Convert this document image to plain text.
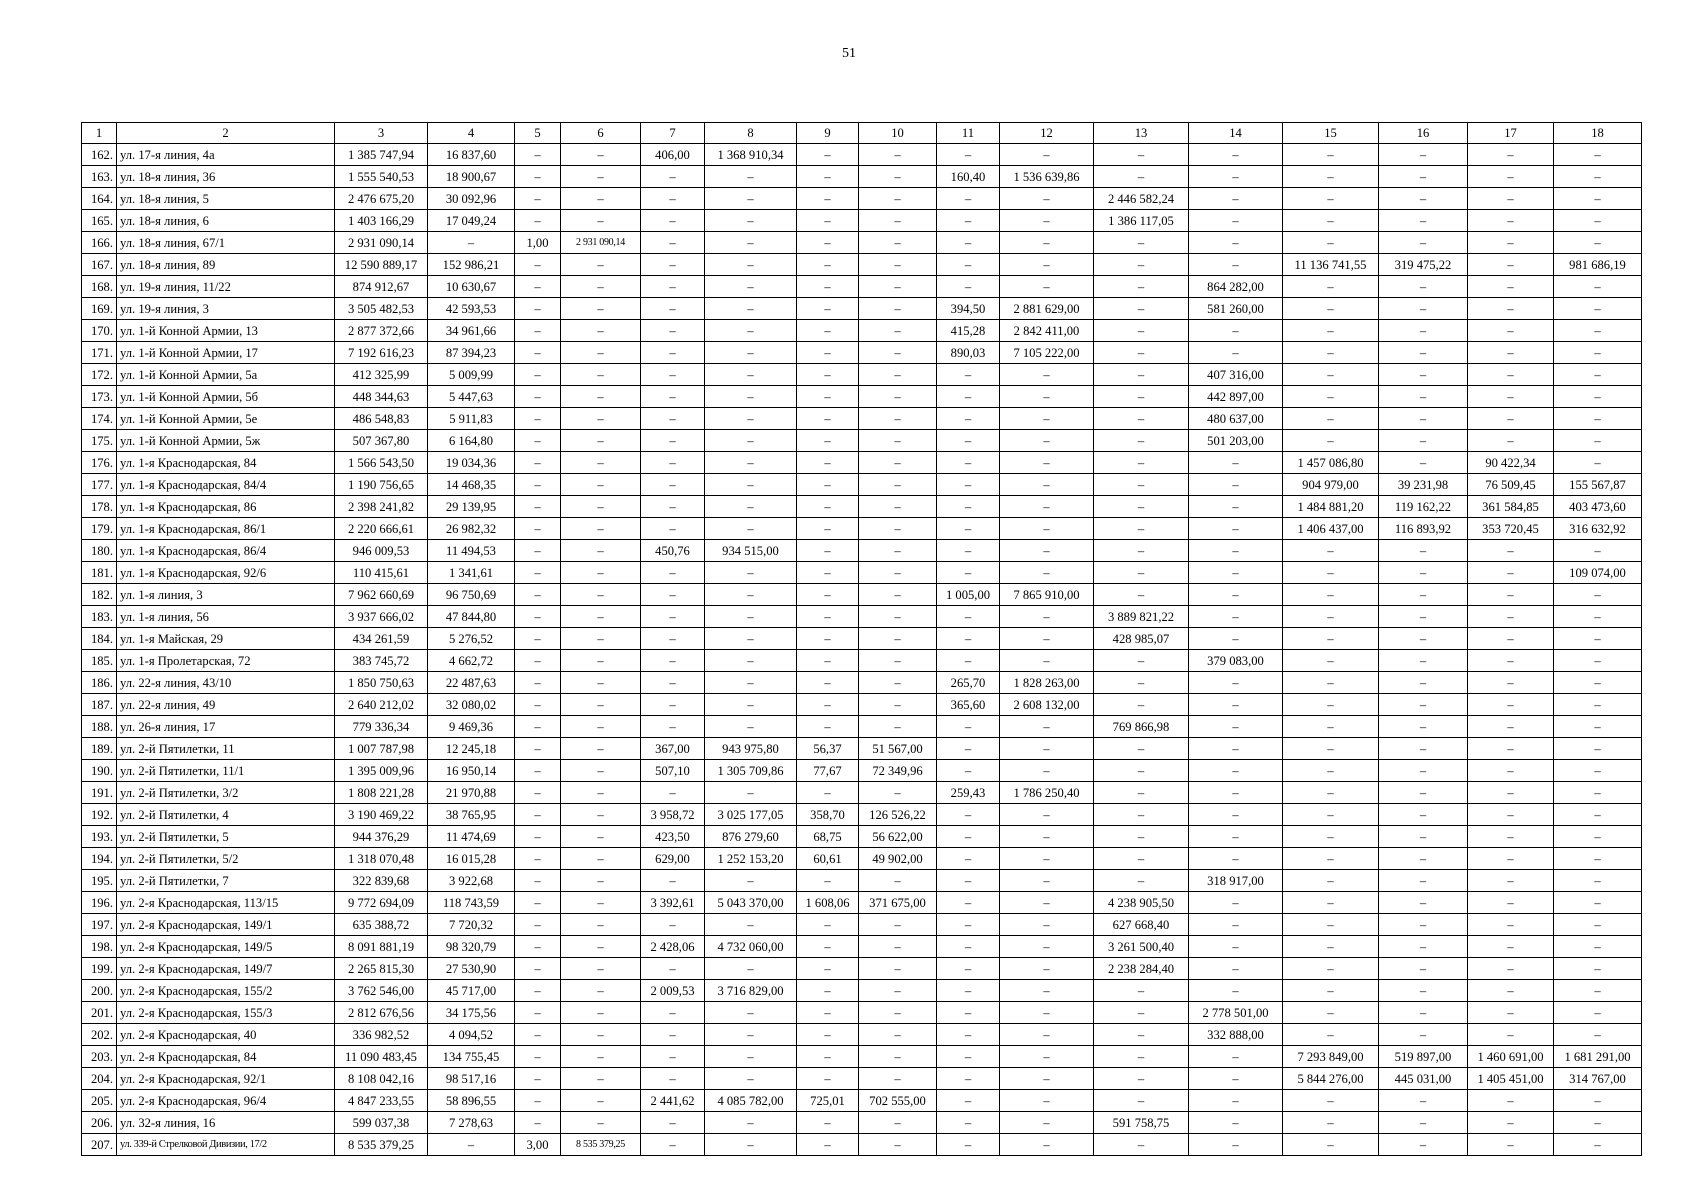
51
1	2	3	4	5	6	7	8	9	10	11	12	13	14	15	16	17	18
162.	ул. 17-я линия, 4а	1 385 747,94	16 837,60	–	–	406,00	1 368 910,34	–	–	–	–	–	–	–	–	–	–
163.	ул. 18-я линия, 36	1 555 540,53	18 900,67	–	–	–	–	–	–	160,40	1 536 639,86	–	–	–	–	–	–
164.	ул. 18-я линия, 5	2 476 675,20	30 092,96	–	–	–	–	–	–	–	–	2 446 582,24	–	–	–	–	–
165.	ул. 18-я линия, 6	1 403 166,29	17 049,24	–	–	–	–	–	–	–	–	1 386 117,05	–	–	–	–	–
166.	ул. 18-я линия, 67/1	2 931 090,14	–	1,00	2 931 090,14	–	–	–	–	–	–	–	–	–	–	–	–
167.	ул. 18-я линия, 89	12 590 889,17	152 986,21	–	–	–	–	–	–	–	–	–	–	11 136 741,55	319 475,22	–	981 686,19
168.	ул. 19-я линия, 11/22	874 912,67	10 630,67	–	–	–	–	–	–	–	–	–	864 282,00	–	–	–	–
169.	ул. 19-я линия, 3	3 505 482,53	42 593,53	–	–	–	–	–	–	394,50	2 881 629,00	–	581 260,00	–	–	–	–
170.	ул. 1-й Конной Армии, 13	2 877 372,66	34 961,66	–	–	–	–	–	–	415,28	2 842 411,00	–	–	–	–	–	–
171.	ул. 1-й Конной Армии, 17	7 192 616,23	87 394,23	–	–	–	–	–	–	890,03	7 105 222,00	–	–	–	–	–	–
172.	ул. 1-й Конной Армии, 5а	412 325,99	5 009,99	–	–	–	–	–	–	–	–	–	407 316,00	–	–	–	–
173.	ул. 1-й Конной Армии, 5б	448 344,63	5 447,63	–	–	–	–	–	–	–	–	–	442 897,00	–	–	–	–
174.	ул. 1-й Конной Армии, 5е	486 548,83	5 911,83	–	–	–	–	–	–	–	–	–	480 637,00	–	–	–	–
175.	ул. 1-й Конной Армии, 5ж	507 367,80	6 164,80	–	–	–	–	–	–	–	–	–	501 203,00	–	–	–	–
176.	ул. 1-я Краснодарская, 84	1 566 543,50	19 034,36	–	–	–	–	–	–	–	–	–	–	1 457 086,80	–	90 422,34	–
177.	ул. 1-я Краснодарская, 84/4	1 190 756,65	14 468,35	–	–	–	–	–	–	–	–	–	–	904 979,00	39 231,98	76 509,45	155 567,87
178.	ул. 1-я Краснодарская, 86	2 398 241,82	29 139,95	–	–	–	–	–	–	–	–	–	–	1 484 881,20	119 162,22	361 584,85	403 473,60
179.	ул. 1-я Краснодарская, 86/1	2 220 666,61	26 982,32	–	–	–	–	–	–	–	–	–	–	1 406 437,00	116 893,92	353 720,45	316 632,92
180.	ул. 1-я Краснодарская, 86/4	946 009,53	11 494,53	–	–	450,76	934 515,00	–	–	–	–	–	–	–	–	–	–
181.	ул. 1-я Краснодарская, 92/6	110 415,61	1 341,61	–	–	–	–	–	–	–	–	–	–	–	–	–	109 074,00
182.	ул. 1-я линия, 3	7 962 660,69	96 750,69	–	–	–	–	–	–	1 005,00	7 865 910,00	–	–	–	–	–	–
183.	ул. 1-я линия, 56	3 937 666,02	47 844,80	–	–	–	–	–	–	–	–	3 889 821,22	–	–	–	–	–
184.	ул. 1-я Майская, 29	434 261,59	5 276,52	–	–	–	–	–	–	–	–	428 985,07	–	–	–	–	–
185.	ул. 1-я Пролетарская, 72	383 745,72	4 662,72	–	–	–	–	–	–	–	–	–	379 083,00	–	–	–	–
186.	ул. 22-я линия, 43/10	1 850 750,63	22 487,63	–	–	–	–	–	–	265,70	1 828 263,00	–	–	–	–	–	–
187.	ул. 22-я линия, 49	2 640 212,02	32 080,02	–	–	–	–	–	–	365,60	2 608 132,00	–	–	–	–	–	–
188.	ул. 26-я линия, 17	779 336,34	9 469,36	–	–	–	–	–	–	–	–	769 866,98	–	–	–	–	–
189.	ул. 2-й Пятилетки, 11	1 007 787,98	12 245,18	–	–	367,00	943 975,80	56,37	51 567,00	–	–	–	–	–	–	–	–
190.	ул. 2-й Пятилетки, 11/1	1 395 009,96	16 950,14	–	–	507,10	1 305 709,86	77,67	72 349,96	–	–	–	–	–	–	–	–
191.	ул. 2-й Пятилетки, 3/2	1 808 221,28	21 970,88	–	–	–	–	–	–	259,43	1 786 250,40	–	–	–	–	–	–
192.	ул. 2-й Пятилетки, 4	3 190 469,22	38 765,95	–	–	3 958,72	3 025 177,05	358,70	126 526,22	–	–	–	–	–	–	–	–
193.	ул. 2-й Пятилетки, 5	944 376,29	11 474,69	–	–	423,50	876 279,60	68,75	56 622,00	–	–	–	–	–	–	–	–
194.	ул. 2-й Пятилетки, 5/2	1 318 070,48	16 015,28	–	–	629,00	1 252 153,20	60,61	49 902,00	–	–	–	–	–	–	–	–
195.	ул. 2-й Пятилетки, 7	322 839,68	3 922,68	–	–	–	–	–	–	–	–	–	318 917,00	–	–	–	–
196.	ул. 2-я Краснодарская, 113/15	9 772 694,09	118 743,59	–	–	3 392,61	5 043 370,00	1 608,06	371 675,00	–	–	4 238 905,50	–	–	–	–	–
197.	ул. 2-я Краснодарская, 149/1	635 388,72	7 720,32	–	–	–	–	–	–	–	–	627 668,40	–	–	–	–	–
198.	ул. 2-я Краснодарская, 149/5	8 091 881,19	98 320,79	–	–	2 428,06	4 732 060,00	–	–	–	–	3 261 500,40	–	–	–	–	–
199.	ул. 2-я Краснодарская, 149/7	2 265 815,30	27 530,90	–	–	–	–	–	–	–	–	2 238 284,40	–	–	–	–	–
200.	ул. 2-я Краснодарская, 155/2	3 762 546,00	45 717,00	–	–	2 009,53	3 716 829,00	–	–	–	–	–	–	–	–	–	–
201.	ул. 2-я Краснодарская, 155/3	2 812 676,56	34 175,56	–	–	–	–	–	–	–	–	–	2 778 501,00	–	–	–	–
202.	ул. 2-я Краснодарская, 40	336 982,52	4 094,52	–	–	–	–	–	–	–	–	–	332 888,00	–	–	–	–
203.	ул. 2-я Краснодарская, 84	11 090 483,45	134 755,45	–	–	–	–	–	–	–	–	–	–	7 293 849,00	519 897,00	1 460 691,00	1 681 291,00
204.	ул. 2-я Краснодарская, 92/1	8 108 042,16	98 517,16	–	–	–	–	–	–	–	–	–	–	5 844 276,00	445 031,00	1 405 451,00	314 767,00
205.	ул. 2-я Краснодарская, 96/4	4 847 233,55	58 896,55	–	–	2 441,62	4 085 782,00	725,01	702 555,00	–	–	–	–	–	–	–	–
206.	ул. 32-я линия, 16	599 037,38	7 278,63	–	–	–	–	–	–	–	–	591 758,75	–	–	–	–	–
207.	ул. 339-й Стрелковой Дивизии, 17/2	8 535 379,25	–	3,00	8 535 379,25	–	–	–	–	–	–	–	–	–	–	–	–
